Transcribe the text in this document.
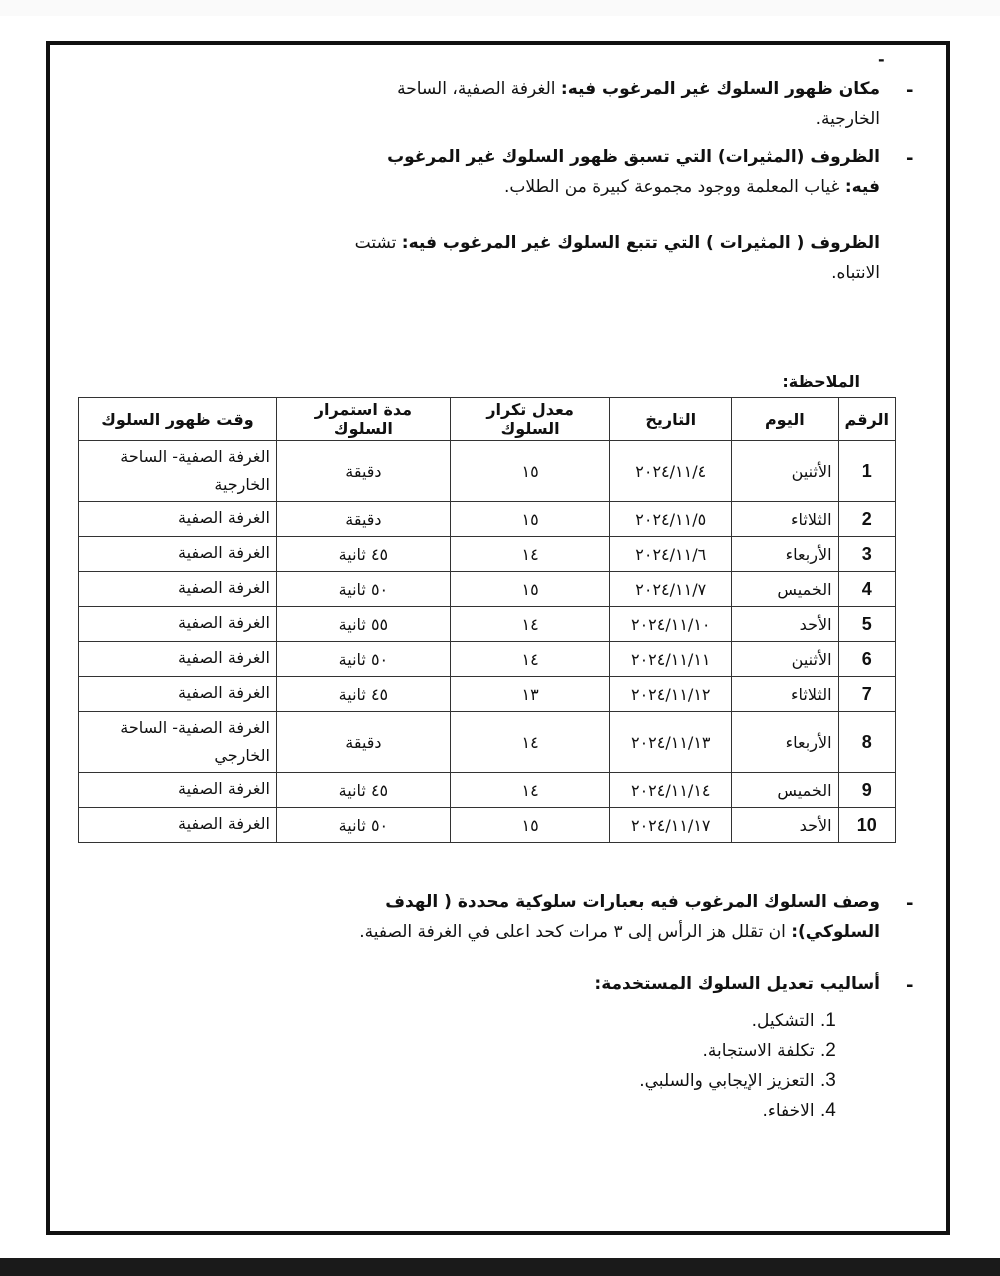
-
-
مكان ظهور السلوك غير المرغوب فيه: الغرفة الصفية، الساحة الخارجية.
-
الظروف (المثيرات) التي تسبق ظهور السلوك غير المرغوب فيه: غياب المعلمة ووجود مجموعة كبيرة من الطلاب.
الظروف ( المثيرات ) التي تتبع السلوك غير المرغوب فيه: تشتت الانتباه.
الملاحظة:
الرقم	اليوم	التاريخ	معدل تكرار السلوك	مدة استمرار السلوك	وقت ظهور السلوك
1	الأثنين	٢٠٢٤/١١/٤	١٥	دقيقة	الغرفة الصفية- الساحة الخارجية
2	الثلاثاء	٢٠٢٤/١١/٥	١٥	دقيقة	الغرفة الصفية
3	الأربعاء	٢٠٢٤/١١/٦	١٤	٤٥ ثانية	الغرفة الصفية
4	الخميس	٢٠٢٤/١١/٧	١٥	٥٠ ثانية	الغرفة الصفية
5	الأحد	٢٠٢٤/١١/١٠	١٤	٥٥ ثانية	الغرفة الصفية
6	الأثنين	٢٠٢٤/١١/١١	١٤	٥٠ ثانية	الغرفة الصفية
7	الثلاثاء	٢٠٢٤/١١/١٢	١٣	٤٥ ثانية	الغرفة الصفية
8	الأربعاء	٢٠٢٤/١١/١٣	١٤	دقيقة	الغرفة الصفية- الساحة الخارجي
9	الخميس	٢٠٢٤/١١/١٤	١٤	٤٥ ثانية	الغرفة الصفية
10	الأحد	٢٠٢٤/١١/١٧	١٥	٥٠ ثانية	الغرفة الصفية
-
وصف السلوك المرغوب فيه بعبارات سلوكية محددة ( الهدف السلوكي): ان تقلل هز الرأس إلى ٣ مرات كحد اعلى في الغرفة الصفية.
-
أساليب تعديل السلوك المستخدمة:
1. التشكيل.
2. تكلفة الاستجابة.
3. التعزيز الإيجابي والسلبي.
4. الاخفاء.
